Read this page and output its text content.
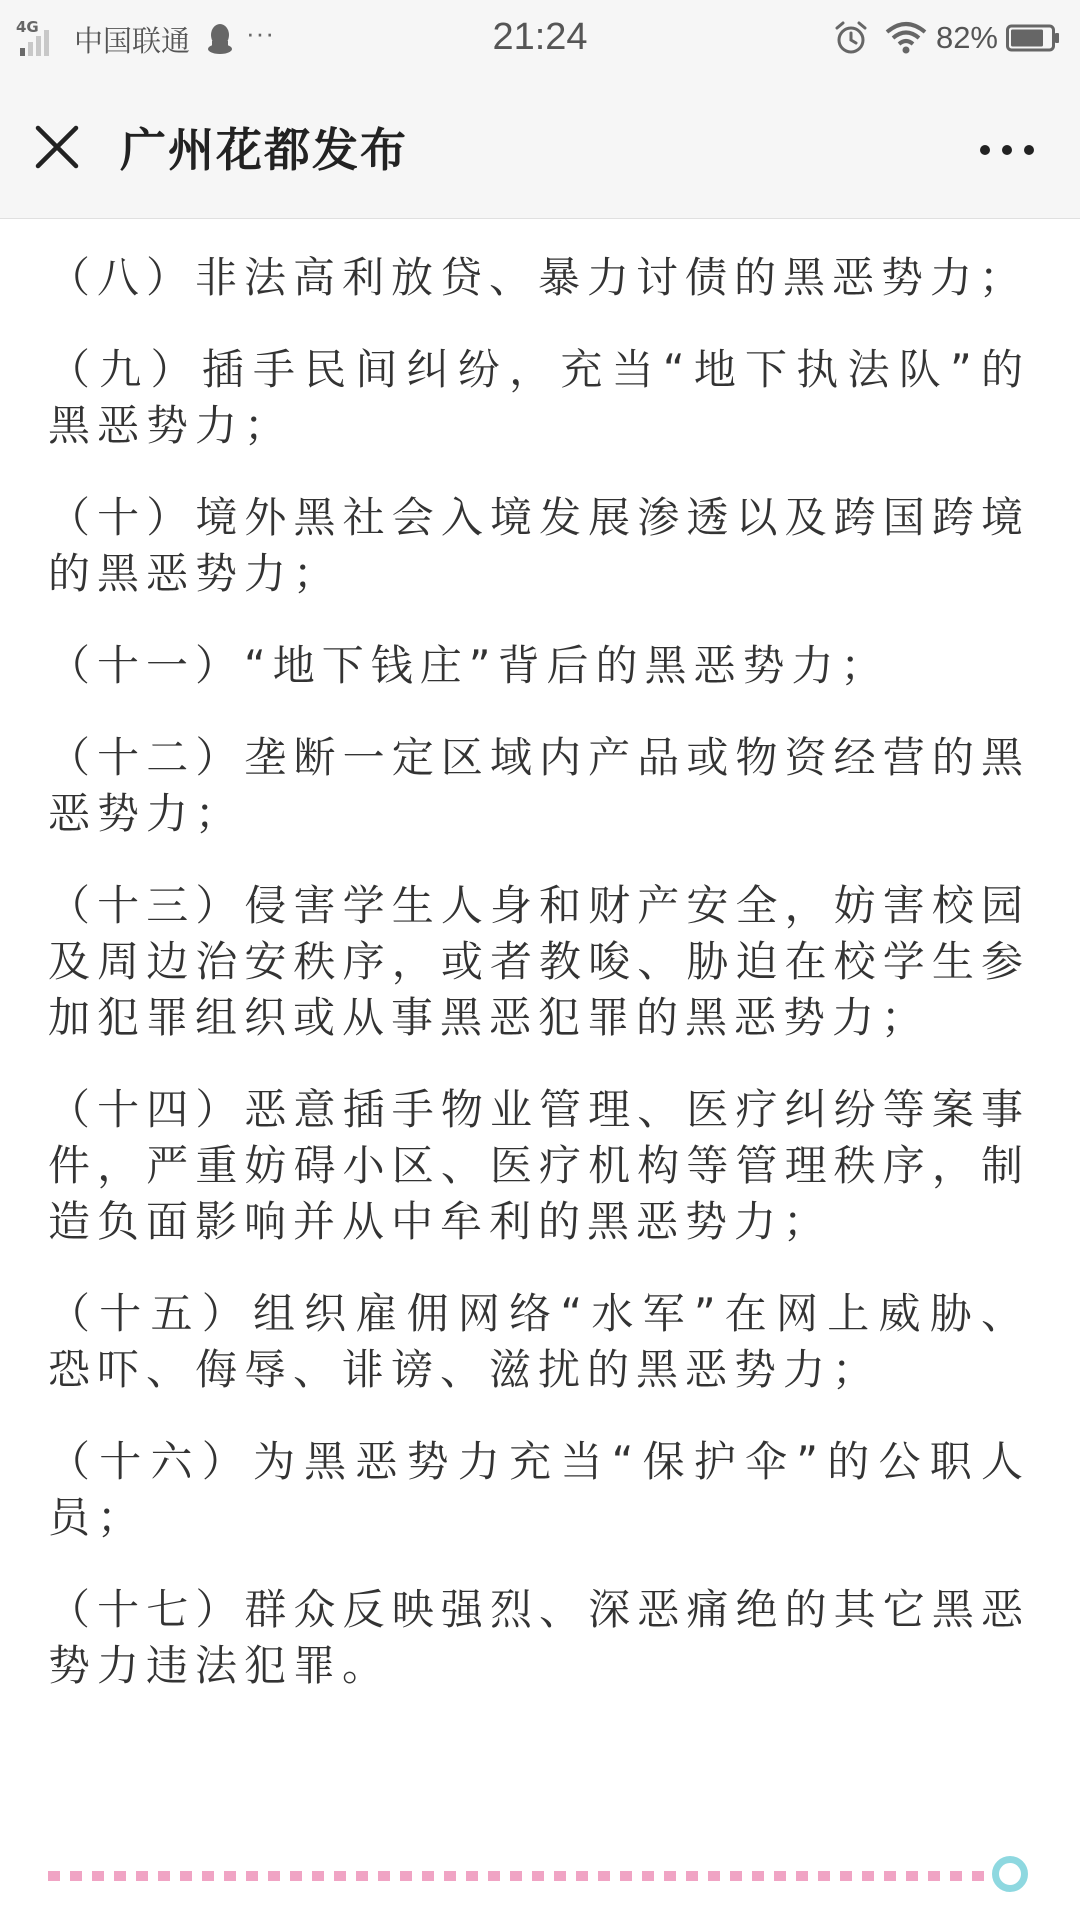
4G 中国联通 ···	21:24	82%
广州花都发布

（八）非法高利放贷、暴力讨债的黑恶势力；

（九）插手民间纠纷，充当“地下执法队”的黑恶势力；

（十）境外黑社会入境发展渗透以及跨国跨境的黑恶势力；

（十一）“地下钱庄”背后的黑恶势力；

（十二）垄断一定区域内产品或物资经营的黑恶势力；

（十三）侵害学生人身和财产安全，妨害校园及周边治安秩序，或者教唆、胁迫在校学生参加犯罪组织或从事黑恶犯罪的黑恶势力；

（十四）恶意插手物业管理、医疗纠纷等案事件，严重妨碍小区、医疗机构等管理秩序，制造负面影响并从中牟利的黑恶势力；

（十五）组织雇佣网络“水军”在网上威胁、恐吓、侮辱、诽谤、滋扰的黑恶势力；

（十六）为黑恶势力充当“保护伞”的公职人员；

（十七）群众反映强烈、深恶痛绝的其它黑恶势力违法犯罪。
